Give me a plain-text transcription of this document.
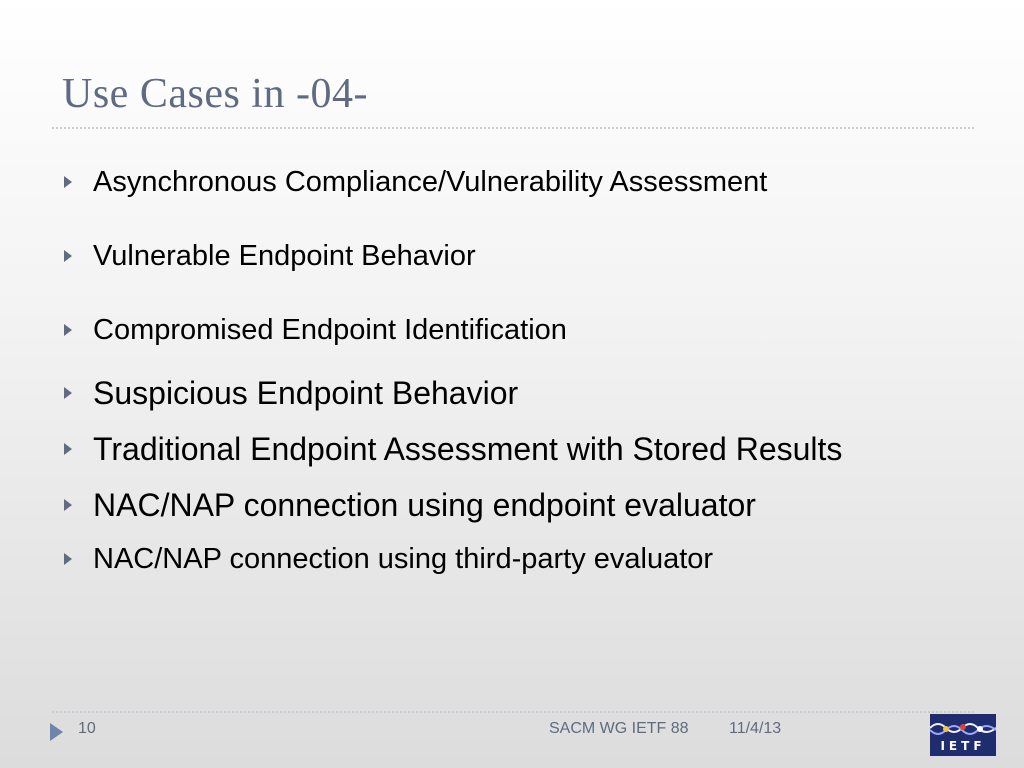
Use Cases in -04-
Asynchronous Compliance/Vulnerability Assessment
Vulnerable Endpoint Behavior
Compromised Endpoint Identification
Suspicious Endpoint Behavior
Traditional Endpoint Assessment with Stored Results
NAC/NAP connection using endpoint evaluator
NAC/NAP connection using third-party evaluator
10	SACM WG IETF 88	11/4/13
IETF
